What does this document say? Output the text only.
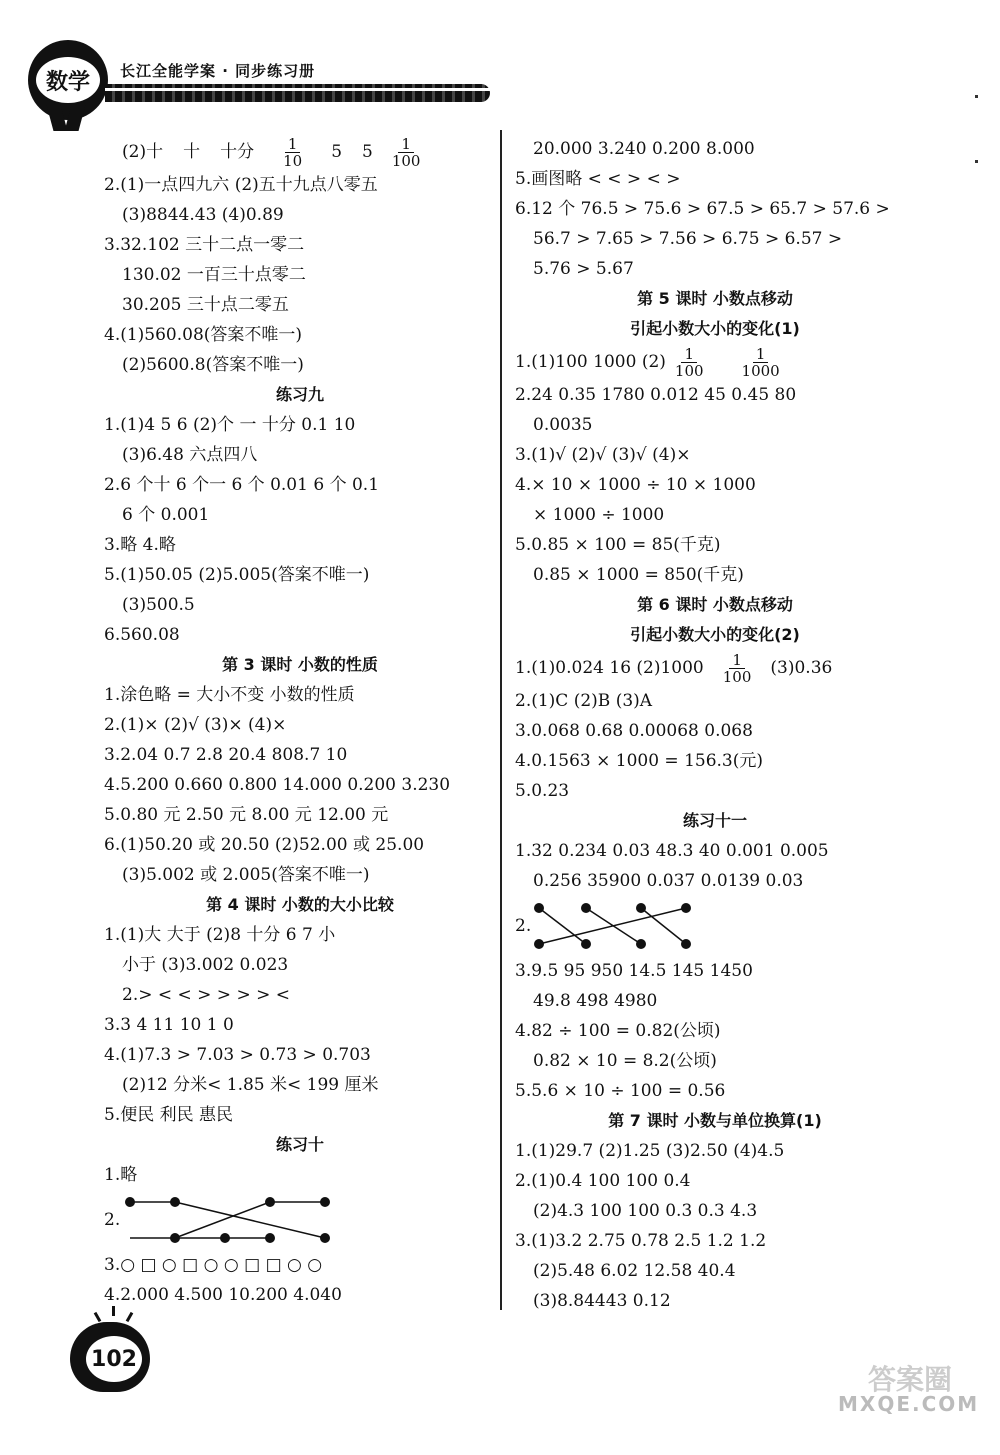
数学	长江全能学案 · 同步练习册
(2)十 十 十分 $\frac{1}{10} 5$ $5 \frac{1}{100}$
2.(1)一点四九六 (2)五十九点八零五
(3)8844.43 (4)0.89
3.32.102 三十二点一零二
130.02 一百三十点零二
30.205 三十点二零五
4.(1)560.08(答案不唯一)
(2)5600.8(答案不唯一)
练习九
1.(1)4 5 6 (2)个 一 十分 0.1 10
(3)6.48 六点四八
2.6 个十 6 个一 6 个 0.01 6 个 0.1
6 个 0.001
3.略 4.略
5.(1)50.05 (2)5.005(答案不唯一)
(3)500.5
6.560.08
第 3 课时 小数的性质
1.涂色略 = 大小不变 小数的性质
2.(1)× (2)√ (3)× (4)×
3.2.04 0.7 2.8 20.4 808.7 10
4.5.200 0.660 0.800 14.000 0.200 3.230
5.0.80 元 2.50 元 8.00 元 12.00 元
6.(1)50.20 或 20.50 (2)52.00 或 25.00
(3)5.002 或 2.005(答案不唯一)
第 4 课时 小数的大小比较
1.(1)大 大于 (2)8 十分 6 7 小
小于 (3)3.002 0.023
2.> < < > > > > <
3.3 4 11 10 1 0
4.(1)7.3 > 7.03 > 0.73 > 0.703
(2)12 分米< 1.85 米< 199 厘米
5.便民 利民 惠民
练习十
1.略
2.
3.○ □ ○ □ ○ ○ □ □ ○ ○
4.2.000 4.500 10.200 4.040
20.000 3.240 0.200 8.000
5.画图略 < < > < >
6.12 个 76.5 > 75.6 > 67.5 > 65.7 > 57.6 >
56.7 > 7.65 > 7.56 > 6.75 > 6.57 >
5.76 > 5.67
第 5 课时 小数点移动
引起小数大小的变化(1)
1.(1)100 1000 $(2) \frac{1}{100} \frac{1}{1000}$
2.24 0.35 1780 0.012 45 0.45 80
0.0035
3.(1)√ (2)√ (3)√ (4)×
4.× 10 × 1000 ÷ 10 × 1000
× 1000 ÷ 1000
5.0.85 × 100 = 85(千克)
0.85 × 1000 = 850(千克)
第 6 课时 小数点移动
引起小数大小的变化(2)
1.(1)0.024 16 $(2)1000 \frac{1}{100} (3)0.36$
2.(1)C (2)B (3)A
3.0.068 0.68 0.00068 0.068
4.0.1563 × 1000 = 156.3(元)
5.0.23
练习十一
1.32 0.234 0.03 48.3 40 0.001 0.005
0.256 35900 0.037 0.0139 0.03
2.
3.9.5 95 950 14.5 145 1450
49.8 498 4980
4.82 ÷ 100 = 0.82(公顷)
0.82 × 10 = 8.2(公顷)
5.5.6 × 10 ÷ 100 = 0.56
第 7 课时 小数与单位换算(1)
1.(1)29.7 (2)1.25 (3)2.50 (4)4.5
2.(1)0.4 100 100 0.4
(2)4.3 100 100 0.3 0.3 4.3
3.(1)3.2 2.75 0.78 2.5 1.2 1.2
(2)5.48 6.02 12.58 40.4
(3)8.84443 0.12
102
答案圈
MXQE.COM
